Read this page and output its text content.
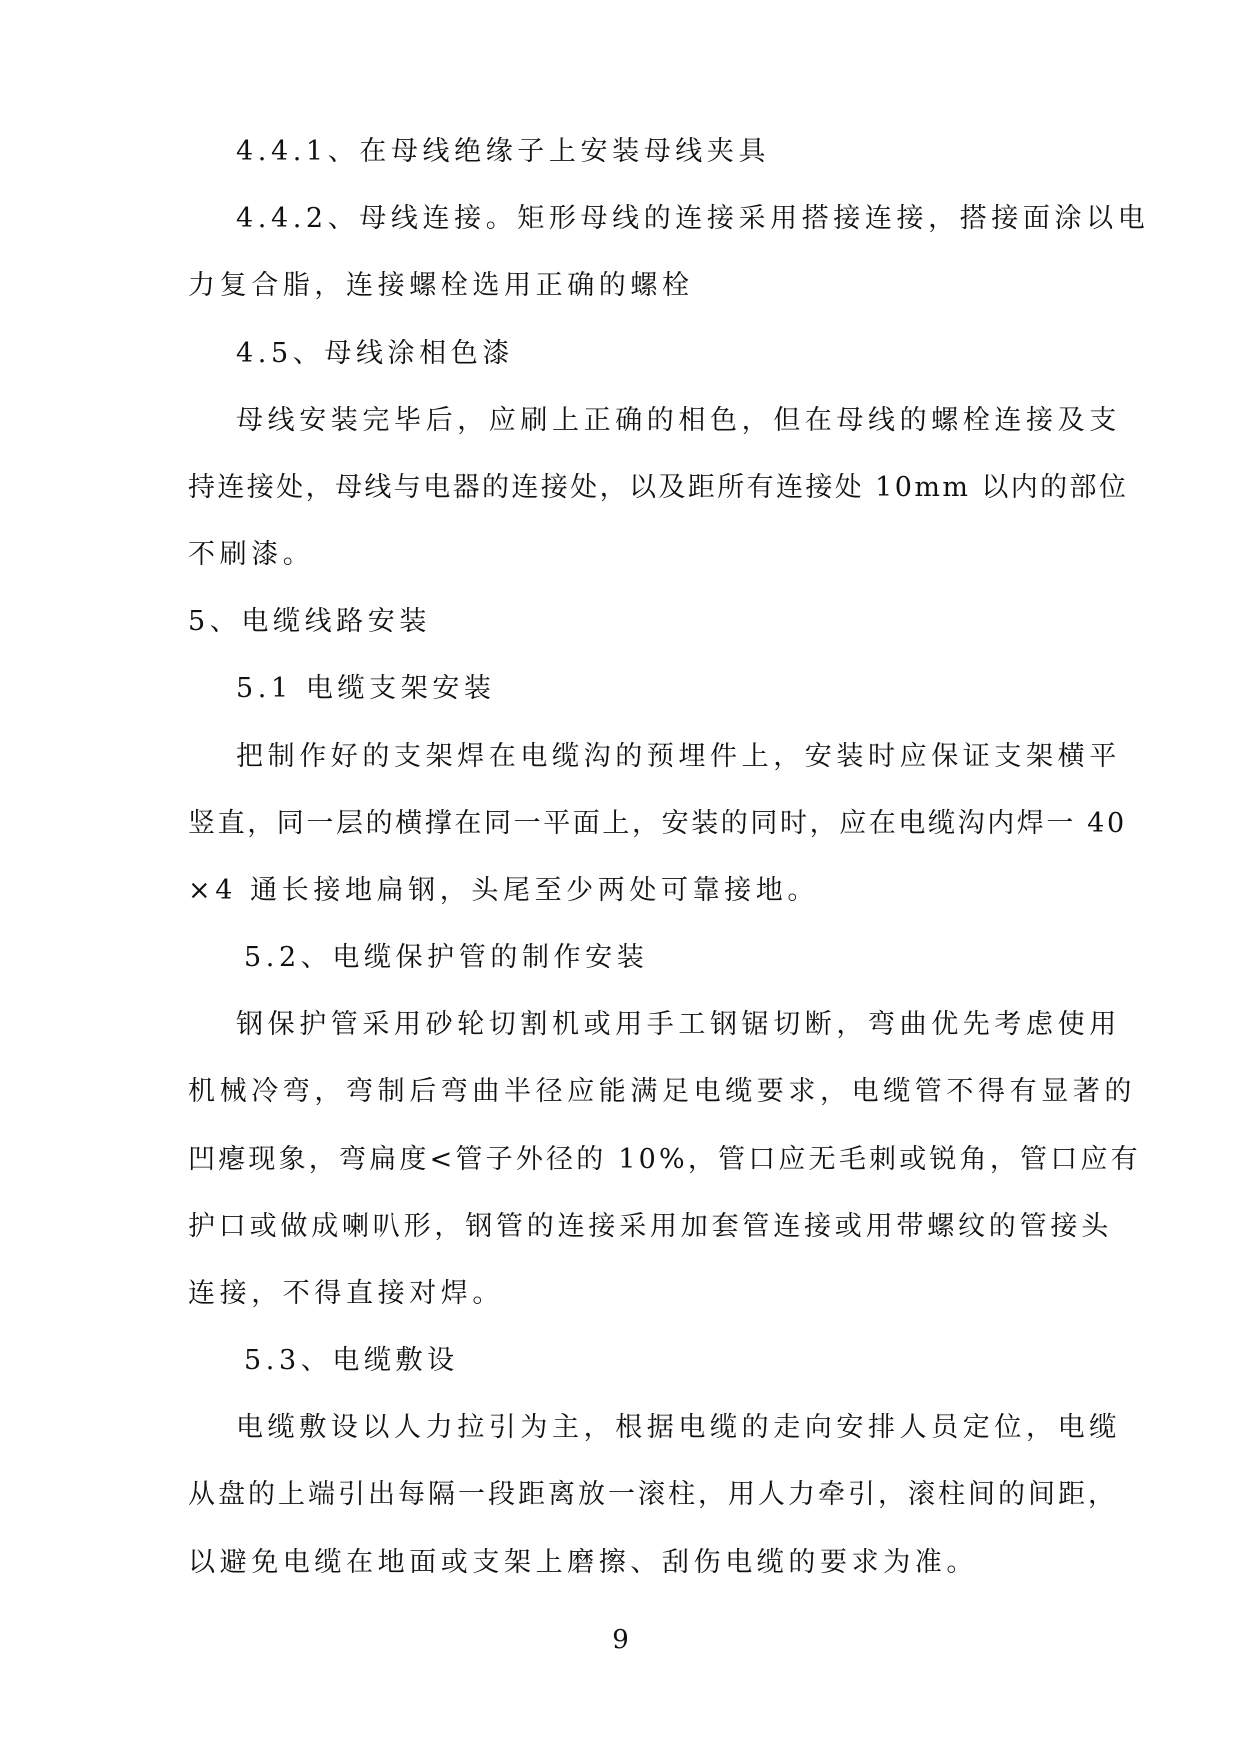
4.4.1、在母线绝缘子上安装母线夹具
4.4.2、母线连接。矩形母线的连接采用搭接连接，搭接面涂以电
力复合脂，连接螺栓选用正确的螺栓
4.5、母线涂相色漆
母线安装完毕后，应刷上正确的相色，但在母线的螺栓连接及支
持连接处，母线与电器的连接处，以及距所有连接处 10mm 以内的部位
不刷漆。
5、电缆线路安装
5.1 电缆支架安装
把制作好的支架焊在电缆沟的预埋件上，安装时应保证支架横平
竖直，同一层的横撑在同一平面上，安装的同时，应在电缆沟内焊一 40
×4 通长接地扁钢，头尾至少两处可靠接地。
5.2、电缆保护管的制作安装
钢保护管采用砂轮切割机或用手工钢锯切断，弯曲优先考虑使用
机械冷弯，弯制后弯曲半径应能满足电缆要求，电缆管不得有显著的
凹瘪现象，弯扁度<管子外径的 10%，管口应无毛刺或锐角，管口应有
护口或做成喇叭形，钢管的连接采用加套管连接或用带螺纹的管接头
连接，不得直接对焊。
5.3、电缆敷设
电缆敷设以人力拉引为主，根据电缆的走向安排人员定位，电缆
从盘的上端引出每隔一段距离放一滚柱，用人力牵引，滚柱间的间距，
以避免电缆在地面或支架上磨擦、刮伤电缆的要求为准。
9
